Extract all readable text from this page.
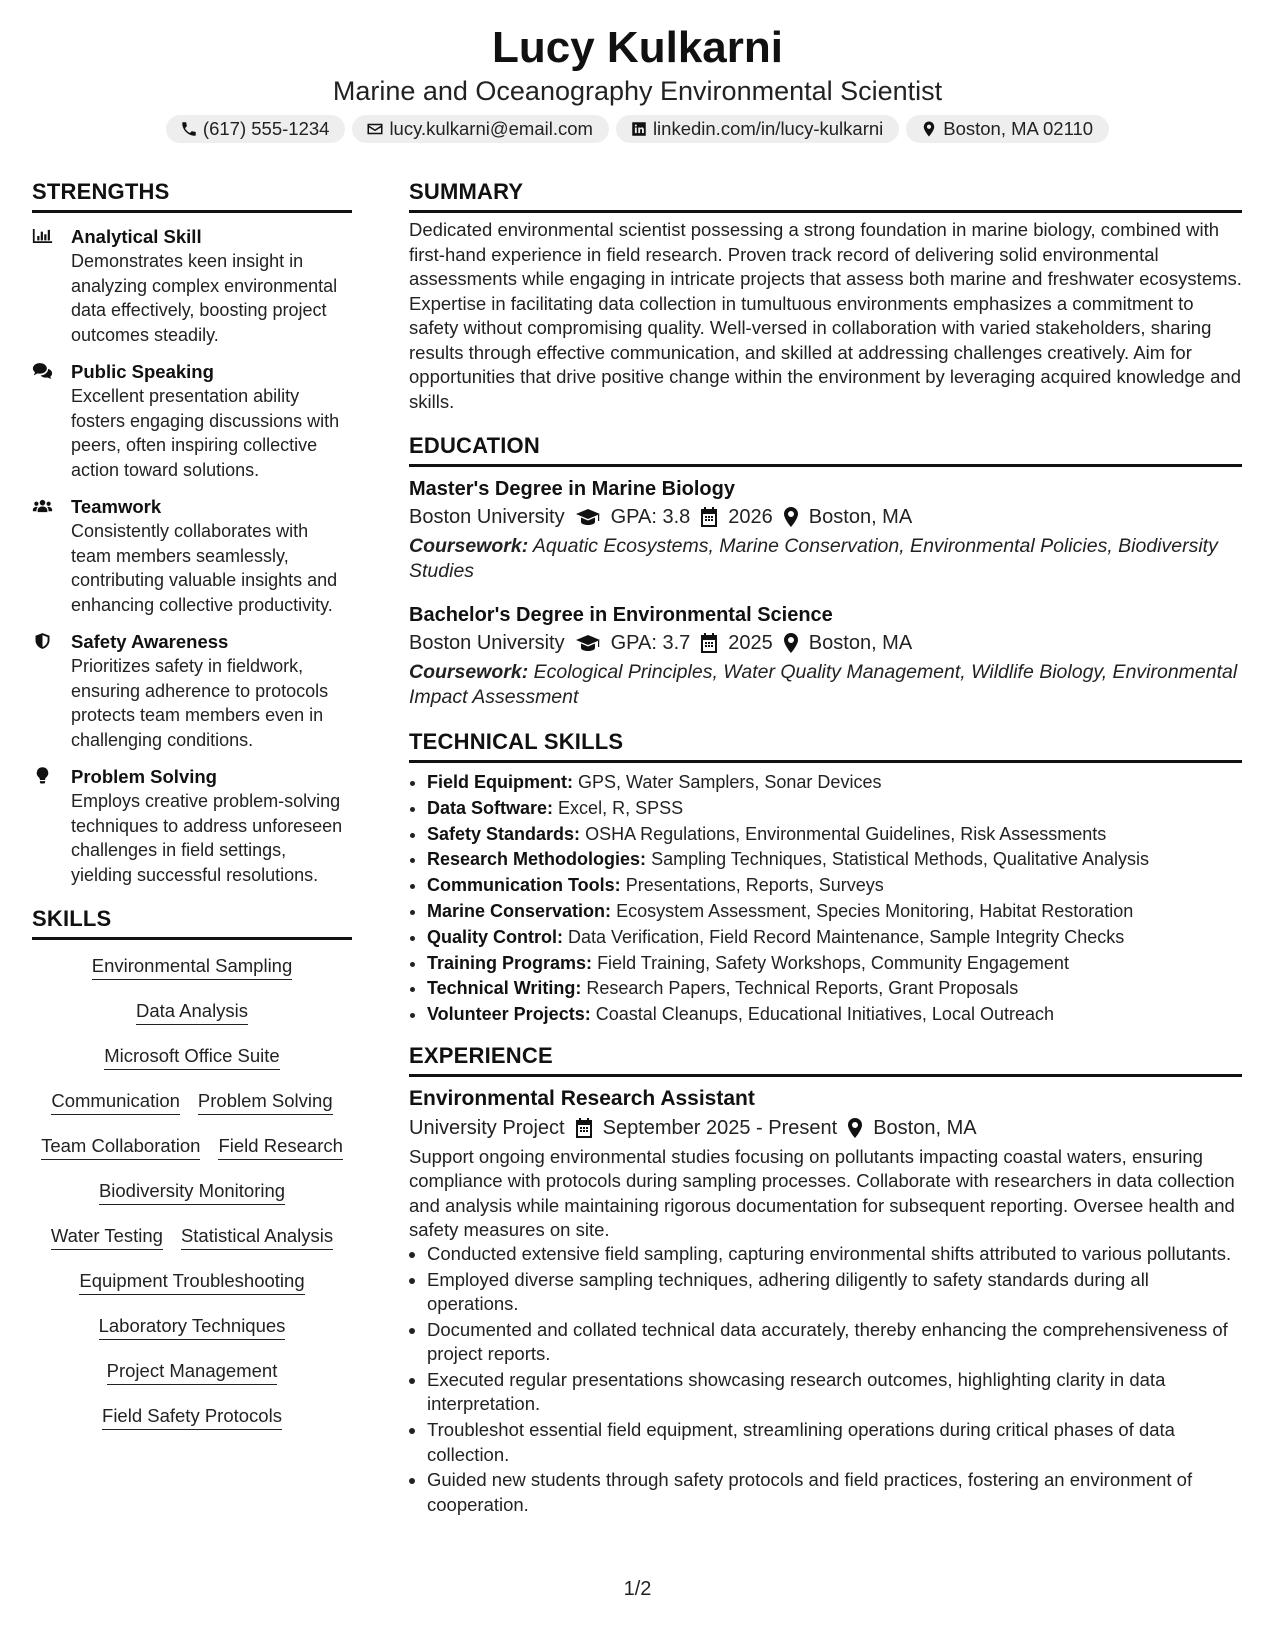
Lucy Kulkarni
Marine and Oceanography Environmental Scientist
(617) 555-1234	lucy.kulkarni@email.com	linkedin.com/in/lucy-kulkarni	Boston, MA 02110
STRENGTHS
Analytical Skill
Demonstrates keen insight in analyzing complex environmental data effectively, boosting project outcomes steadily.
Public Speaking
Excellent presentation ability fosters engaging discussions with peers, often inspiring collective action toward solutions.
Teamwork
Consistently collaborates with team members seamlessly, contributing valuable insights and enhancing collective productivity.
Safety Awareness
Prioritizes safety in fieldwork, ensuring adherence to protocols protects team members even in challenging conditions.
Problem Solving
Employs creative problem-solving techniques to address unforeseen challenges in field settings, yielding successful resolutions.
SKILLS
Environmental Sampling
Data Analysis
Microsoft Office Suite
Communication Problem Solving
Team Collaboration Field Research
Biodiversity Monitoring
Water Testing Statistical Analysis
Equipment Troubleshooting
Laboratory Techniques
Project Management
Field Safety Protocols
SUMMARY
Dedicated environmental scientist possessing a strong foundation in marine biology, combined with first-hand experience in field research. Proven track record of delivering solid environmental assessments while engaging in intricate projects that assess both marine and freshwater ecosystems. Expertise in facilitating data collection in tumultuous environments emphasizes a commitment to safety without compromising quality. Well-versed in collaboration with varied stakeholders, sharing results through effective communication, and skilled at addressing challenges creatively. Aim for opportunities that drive positive change within the environment by leveraging acquired knowledge and skills.
EDUCATION
Master's Degree in Marine Biology
Boston University GPA: 3.8 2026 Boston, MA
Coursework: Aquatic Ecosystems, Marine Conservation, Environmental Policies, Biodiversity Studies
Bachelor's Degree in Environmental Science
Boston University GPA: 3.7 2025 Boston, MA
Coursework: Ecological Principles, Water Quality Management, Wildlife Biology, Environmental Impact Assessment
TECHNICAL SKILLS
• Field Equipment: GPS, Water Samplers, Sonar Devices
• Data Software: Excel, R, SPSS
• Safety Standards: OSHA Regulations, Environmental Guidelines, Risk Assessments
• Research Methodologies: Sampling Techniques, Statistical Methods, Qualitative Analysis
• Communication Tools: Presentations, Reports, Surveys
• Marine Conservation: Ecosystem Assessment, Species Monitoring, Habitat Restoration
• Quality Control: Data Verification, Field Record Maintenance, Sample Integrity Checks
• Training Programs: Field Training, Safety Workshops, Community Engagement
• Technical Writing: Research Papers, Technical Reports, Grant Proposals
• Volunteer Projects: Coastal Cleanups, Educational Initiatives, Local Outreach
EXPERIENCE
Environmental Research Assistant
University Project September 2025 - Present Boston, MA
Support ongoing environmental studies focusing on pollutants impacting coastal waters, ensuring compliance with protocols during sampling processes. Collaborate with researchers in data collection and analysis while maintaining rigorous documentation for subsequent reporting. Oversee health and safety measures on site.
• Conducted extensive field sampling, capturing environmental shifts attributed to various pollutants.
• Employed diverse sampling techniques, adhering diligently to safety standards during all operations.
• Documented and collated technical data accurately, thereby enhancing the comprehensiveness of project reports.
• Executed regular presentations showcasing research outcomes, highlighting clarity in data interpretation.
• Troubleshot essential field equipment, streamlining operations during critical phases of data collection.
• Guided new students through safety protocols and field practices, fostering an environment of cooperation.
1/2
